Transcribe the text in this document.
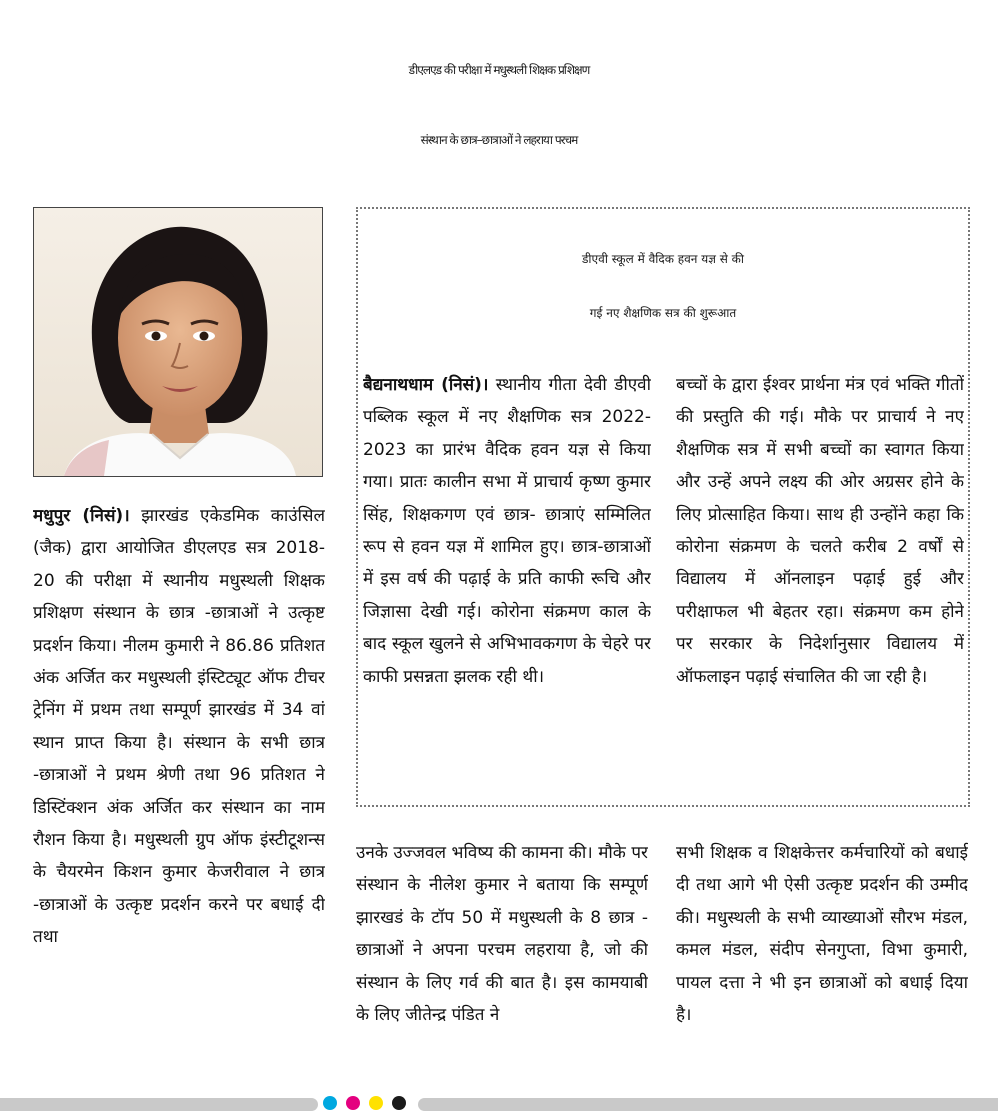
डीएलएड की परीक्षा में मधुस्थली शिक्षक प्रशिक्षण
संस्थान के छात्र–छात्राओं ने लहराया परचम
मधुपुर (निसं)। झारखंड एकेडमिक काउंसिल (जैक) द्वारा आयोजित डीएलएड सत्र 2018-20 की परीक्षा में स्थानीय मधुस्थली शिक्षक प्रशिक्षण संस्थान के छात्र -छात्राओं ने उत्कृष्ट प्रदर्शन किया। नीलम कुमारी ने 86.86 प्रतिशत अंक अर्जित कर मधुस्थली इंस्टिट्यूट ऑफ टीचर ट्रेनिंग में प्रथम तथा सम्पूर्ण झारखंड में 34 वां स्थान प्राप्त किया है। संस्थान के सभी छात्र -छात्राओं ने प्रथम श्रेणी तथा 96 प्रतिशत ने डिस्टिंक्शन अंक अर्जित कर संस्थान का नाम रौशन किया है। मधुस्थली ग्रुप ऑफ इंस्टीटूशन्स के चैयरमेन किशन कुमार केजरीवाल ने छात्र -छात्राओं के उत्कृष्ट प्रदर्शन करने पर बधाई दी तथा
डीएवी स्कूल में वैदिक हवन यज्ञ से की
गई नए शैक्षणिक सत्र की शुरूआत
बैद्यनाथधाम (निसं)। स्थानीय गीता देवी डीएवी पब्लिक स्कूल में नए शैक्षणिक सत्र 2022-2023 का प्रारंभ वैदिक हवन यज्ञ से किया गया। प्रातः कालीन सभा में प्राचार्य कृष्ण कुमार सिंह, शिक्षकगण एवं छात्र- छात्राएं सम्मिलित रूप से हवन यज्ञ में शामिल हुए। छात्र-छात्राओं में इस वर्ष की पढ़ाई के प्रति काफी रूचि और जिज्ञासा देखी गई। कोरोना संक्रमण काल के बाद स्कूल खुलने से अभिभावकगण के चेहरे पर काफी प्रसन्नता झलक रही थी।
बच्चों के द्वारा ईश्वर प्रार्थना मंत्र एवं भक्ति गीतों की प्रस्तुति की गई। मौके पर प्राचार्य ने नए शैक्षणिक सत्र में सभी बच्चों का स्वागत किया और उन्हें अपने लक्ष्य की ओर अग्रसर होने के लिए प्रोत्साहित किया। साथ ही उन्होंने कहा कि कोरोना संक्रमण के चलते करीब 2 वर्षों से विद्यालय में ऑनलाइन पढ़ाई हुई और परीक्षाफल भी बेहतर रहा। संक्रमण कम होने पर सरकार के निदेर्शानुसार विद्यालय में ऑफलाइन पढ़ाई संचालित की जा रही है।
उनके उज्जवल भविष्य की कामना की। मौके पर संस्थान के नीलेश कुमार ने बताया कि सम्पूर्ण झारखडं के टॉप 50 में मधुस्थली के 8 छात्र - छात्राओं ने अपना परचम लहराया है, जो की संस्थान के लिए गर्व की बात है। इस कामयाबी के लिए जीतेन्द्र पंडित ने
सभी शिक्षक व शिक्षकेत्तर कर्मचारियों को बधाई दी तथा आगे भी ऐसी उत्कृष्ट प्रदर्शन की उम्मीद की। मधुस्थली के सभी व्याख्याओं सौरभ मंडल, कमल मंडल, संदीप सेनगुप्ता, विभा कुमारी, पायल दत्ता ने भी इन छात्राओं को बधाई दिया है।
